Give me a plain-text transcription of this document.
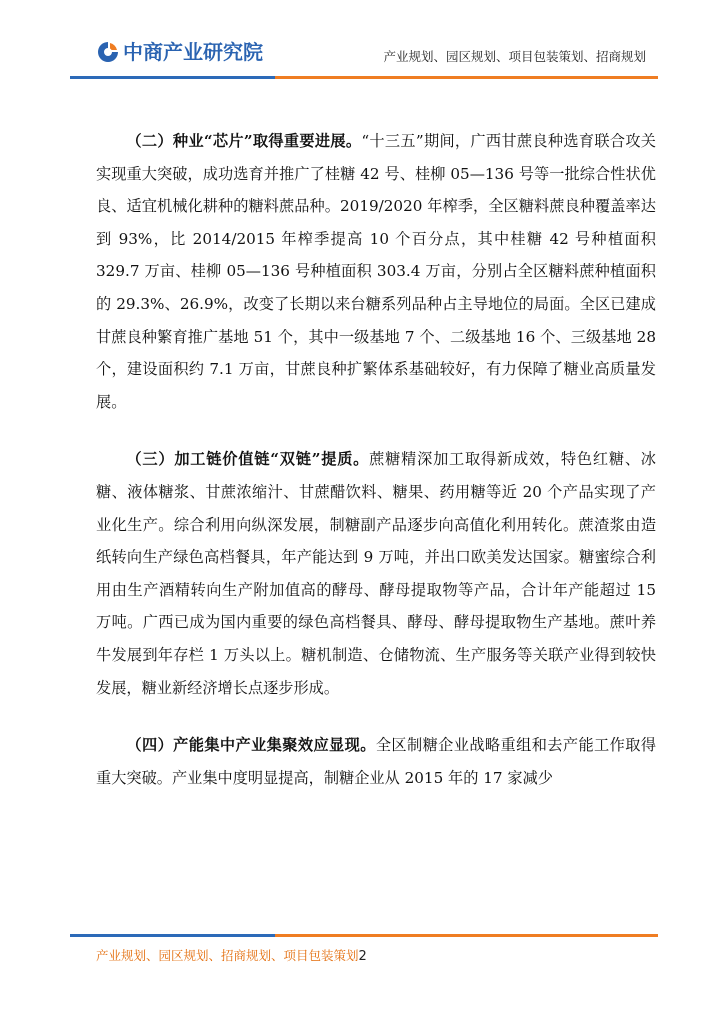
中商产业研究院	产业规划、园区规划、项目包装策划、招商规划

（二）种业“芯片”取得重要进展。“十三五”期间，广西甘蔗良种选育联合攻关实现重大突破，成功选育并推广了桂糖 42 号、桂柳 05—136 号等一批综合性状优良、适宜机械化耕种的糖料蔗品种。2019/2020 年榨季，全区糖料蔗良种覆盖率达到 93%，比 2014/2015 年榨季提高 10 个百分点，其中桂糖 42 号种植面积 329.7 万亩、桂柳 05—136 号种植面积 303.4 万亩，分别占全区糖料蔗种植面积的 29.3%、26.9%，改变了长期以来台糖系列品种占主导地位的局面。全区已建成甘蔗良种繁育推广基地 51 个，其中一级基地 7 个、二级基地 16 个、三级基地 28 个，建设面积约 7.1 万亩，甘蔗良种扩繁体系基础较好，有力保障了糖业高质量发展。

（三）加工链价值链“双链”提质。蔗糖精深加工取得新成效，特色红糖、冰糖、液体糖浆、甘蔗浓缩汁、甘蔗醋饮料、糖果、药用糖等近 20 个产品实现了产业化生产。综合利用向纵深发展，制糖副产品逐步向高值化利用转化。蔗渣浆由造纸转向生产绿色高档餐具，年产能达到 9 万吨，并出口欧美发达国家。糖蜜综合利用由生产酒精转向生产附加值高的酵母、酵母提取物等产品，合计年产能超过 15 万吨。广西已成为国内重要的绿色高档餐具、酵母、酵母提取物生产基地。蔗叶养牛发展到年存栏 1 万头以上。糖机制造、仓储物流、生产服务等关联产业得到较快发展，糖业新经济增长点逐步形成。

（四）产能集中产业集聚效应显现。全区制糖企业战略重组和去产能工作取得重大突破。产业集中度明显提高，制糖企业从 2015 年的 17 家减少

产业规划、园区规划、招商规划、项目包装策划2
